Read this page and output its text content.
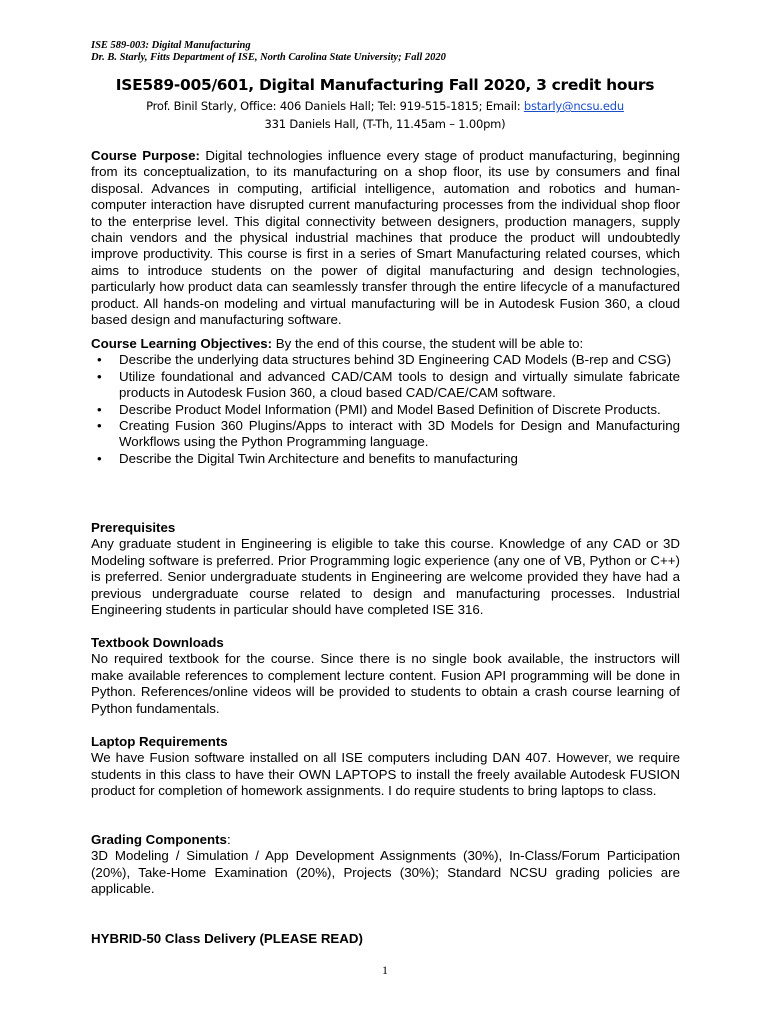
ISE 589-003: Digital Manufacturing
Dr. B. Starly, Fitts Department of ISE, North Carolina State University; Fall 2020
ISE589-005/601, Digital Manufacturing Fall 2020, 3 credit hours
Prof. Binil Starly, Office: 406 Daniels Hall; Tel: 919-515-1815; Email: bstarly@ncsu.edu
331 Daniels Hall, (T-Th, 11.45am – 1.00pm)
Course Purpose: Digital technologies influence every stage of product manufacturing, beginning from its conceptualization, to its manufacturing on a shop floor, its use by consumers and final disposal. Advances in computing, artificial intelligence, automation and robotics and human-computer interaction have disrupted current manufacturing processes from the individual shop floor to the enterprise level. This digital connectivity between designers, production managers, supply chain vendors and the physical industrial machines that produce the product will undoubtedly improve productivity. This course is first in a series of Smart Manufacturing related courses, which aims to introduce students on the power of digital manufacturing and design technologies, particularly how product data can seamlessly transfer through the entire lifecycle of a manufactured product. All hands-on modeling and virtual manufacturing will be in Autodesk Fusion 360, a cloud based design and manufacturing software.
Course Learning Objectives: By the end of this course, the student will be able to:
• Describe the underlying data structures behind 3D Engineering CAD Models (B-rep and CSG)
• Utilize foundational and advanced CAD/CAM tools to design and virtually simulate fabricate products in Autodesk Fusion 360, a cloud based CAD/CAE/CAM software.
• Describe Product Model Information (PMI) and Model Based Definition of Discrete Products.
• Creating Fusion 360 Plugins/Apps to interact with 3D Models for Design and Manufacturing Workflows using the Python Programming language.
• Describe the Digital Twin Architecture and benefits to manufacturing
Prerequisites
Any graduate student in Engineering is eligible to take this course. Knowledge of any CAD or 3D Modeling software is preferred. Prior Programming logic experience (any one of VB, Python or C++) is preferred. Senior undergraduate students in Engineering are welcome provided they have had a previous undergraduate course related to design and manufacturing processes. Industrial Engineering students in particular should have completed ISE 316.
Textbook Downloads
No required textbook for the course. Since there is no single book available, the instructors will make available references to complement lecture content. Fusion API programming will be done in Python. References/online videos will be provided to students to obtain a crash course learning of Python fundamentals.
Laptop Requirements
We have Fusion software installed on all ISE computers including DAN 407. However, we require students in this class to have their OWN LAPTOPS to install the freely available Autodesk FUSION product for completion of homework assignments. I do require students to bring laptops to class.
Grading Components:
3D Modeling / Simulation / App Development Assignments (30%), In-Class/Forum Participation (20%), Take-Home Examination (20%), Projects (30%); Standard NCSU grading policies are applicable.
HYBRID-50 Class Delivery (PLEASE READ)
1
